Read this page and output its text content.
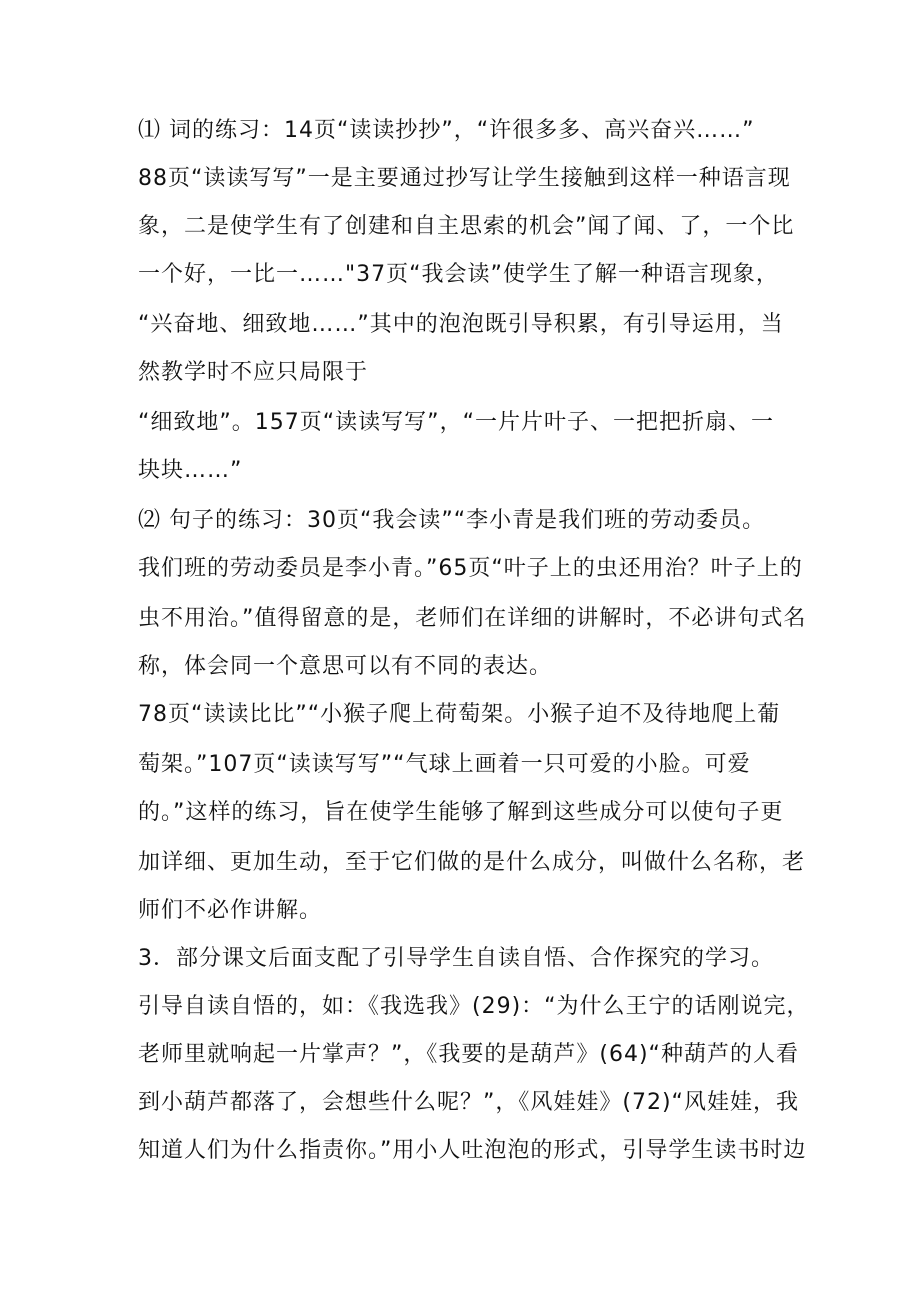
⑴ 词的练习：14页“读读抄抄”，“许很多多、高兴奋兴……”
88页“读读写写”一是主要通过抄写让学生接触到这样一种语言现
象，二是使学生有了创建和自主思索的机会”闻了闻、了，一个比
一个好，一比一……"37页“我会读”使学生了解一种语言现象，
“兴奋地、细致地……”其中的泡泡既引导积累，有引导运用，当
然教学时不应只局限于
“细致地”。157页“读读写写”，“一片片叶子、一把把折扇、一
块块……”
⑵ 句子的练习：30页“我会读”“李小青是我们班的劳动委员。
我们班的劳动委员是李小青。”65页“叶子上的虫还用治？叶子上的
虫不用治。”值得留意的是，老师们在详细的讲解时，不必讲句式名
称，体会同一个意思可以有不同的表达。
78页“读读比比”“小猴子爬上荷萄架。小猴子迫不及待地爬上葡
萄架。”107页“读读写写”“气球上画着一只可爱的小脸。可爱
的。”这样的练习，旨在使学生能够了解到这些成分可以使句子更
加详细、更加生动，至于它们做的是什么成分，叫做什么名称，老
师们不必作讲解。
3．部分课文后面支配了引导学生自读自悟、合作探究的学习。
引导自读自悟的，如：《我选我》(29)：“为什么王宁的话刚说完，
老师里就响起一片掌声？”，《我要的是葫芦》(64)“种葫芦的人看
到小葫芦都落了，会想些什么呢？”，《风娃娃》(72)“风娃娃，我
知道人们为什么指责你。”用小人吐泡泡的形式，引导学生读书时边
